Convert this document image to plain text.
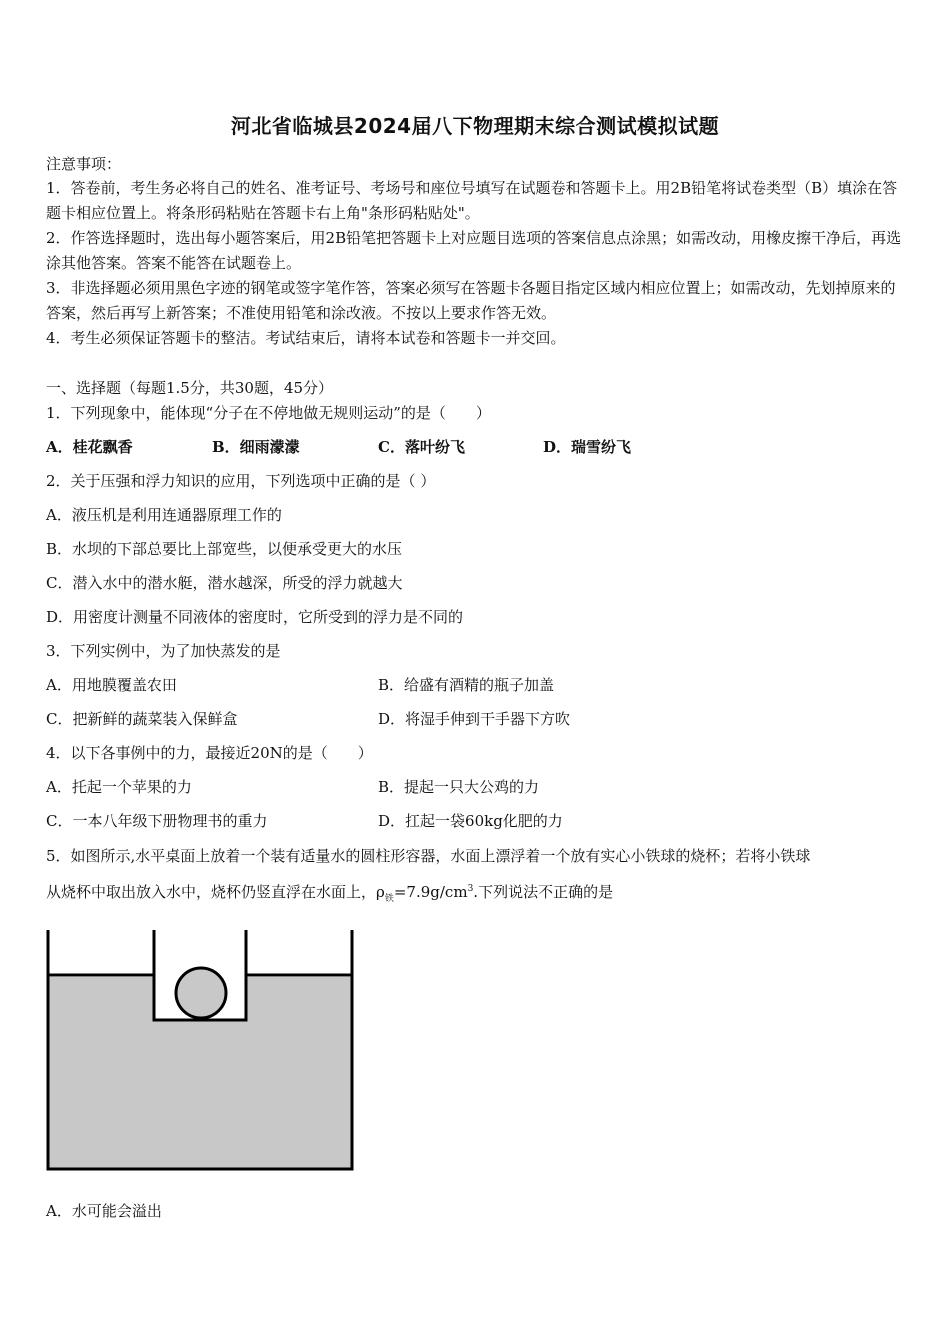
河北省临城县2024届八下物理期末综合测试模拟试题
注意事项：
1．答卷前，考生务必将自己的姓名、准考证号、考场号和座位号填写在试题卷和答题卡上。用2B铅笔将试卷类型（B）填涂在答题卡相应位置上。将条形码粘贴在答题卡右上角"条形码粘贴处"。
2．作答选择题时，选出每小题答案后，用2B铅笔把答题卡上对应题目选项的答案信息点涂黑；如需改动，用橡皮擦干净后，再选涂其他答案。答案不能答在试题卷上。
3．非选择题必须用黑色字迹的钢笔或签字笔作答，答案必须写在答题卡各题目指定区域内相应位置上；如需改动，先划掉原来的答案，然后再写上新答案；不准使用铅笔和涂改液。不按以上要求作答无效。
4．考生必须保证答题卡的整洁。考试结束后，请将本试卷和答题卡一并交回。
一、选择题（每题1.5分，共30题，45分）
1．下列现象中，能体现“分子在不停地做无规则运动”的是（　　）
A．桂花飘香	B．细雨濛濛	C．落叶纷飞	D．瑞雪纷飞
2．关于压强和浮力知识的应用，下列选项中正确的是（ ）
A．液压机是利用连通器原理工作的
B．水坝的下部总要比上部宽些，以便承受更大的水压
C．潜入水中的潜水艇，潜水越深，所受的浮力就越大
D．用密度计测量不同液体的密度时，它所受到的浮力是不同的
3．下列实例中，为了加快蒸发的是
A．用地膜覆盖农田	B．给盛有酒精的瓶子加盖
C．把新鲜的蔬菜装入保鲜盒	D．将湿手伸到干手器下方吹
4．以下各事例中的力，最接近20N的是（　　）
A．托起一个苹果的力	B．提起一只大公鸡的力
C．一本八年级下册物理书的重力	D．扛起一袋60kg化肥的力
5．如图所示,水平桌面上放着一个装有适量水的圆柱形容器，水面上漂浮着一个放有实心小铁球的烧杯；若将小铁球
从烧杯中取出放入水中，烧杯仍竖直浮在水面上，$\rho_铁=7.9g/cm^3$.下列说法不正确的是
A．水可能会溢出
